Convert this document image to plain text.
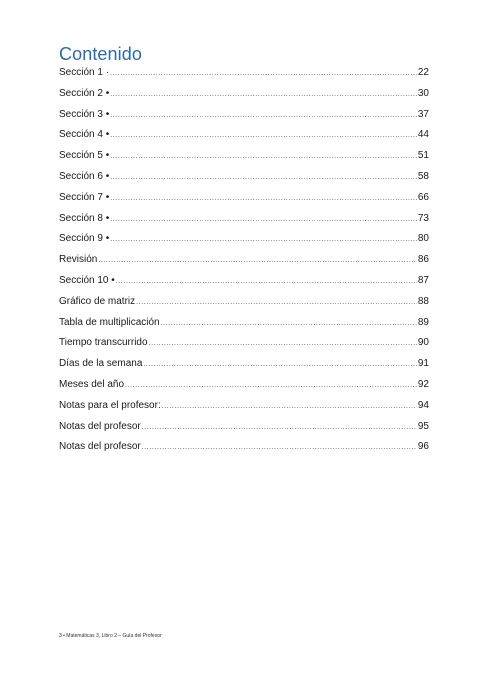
Contenido
Sección 1 · .....	22
Sección 2 • .....	30
Sección 3 • .....	37
Sección 4 • .....	44
Sección 5 • .....	51
Sección 6 • .....	58
Sección 7 • .....	66
Sección 8 • .....	73
Sección 9 • .....	80
Revisión .....	86
Sección 10 • .....	87
Gráfico de matriz .....	88
Tabla de multiplicación .....	89
Tiempo transcurrido .....	90
Días de la semana .....	91
Meses del año .....	92
Notas para el profesor: .....	94
Notas del profesor .....	95
Notas del profesor .....	96
3 • Matemáticas 3, Libro 2 – Guía del Profesor
